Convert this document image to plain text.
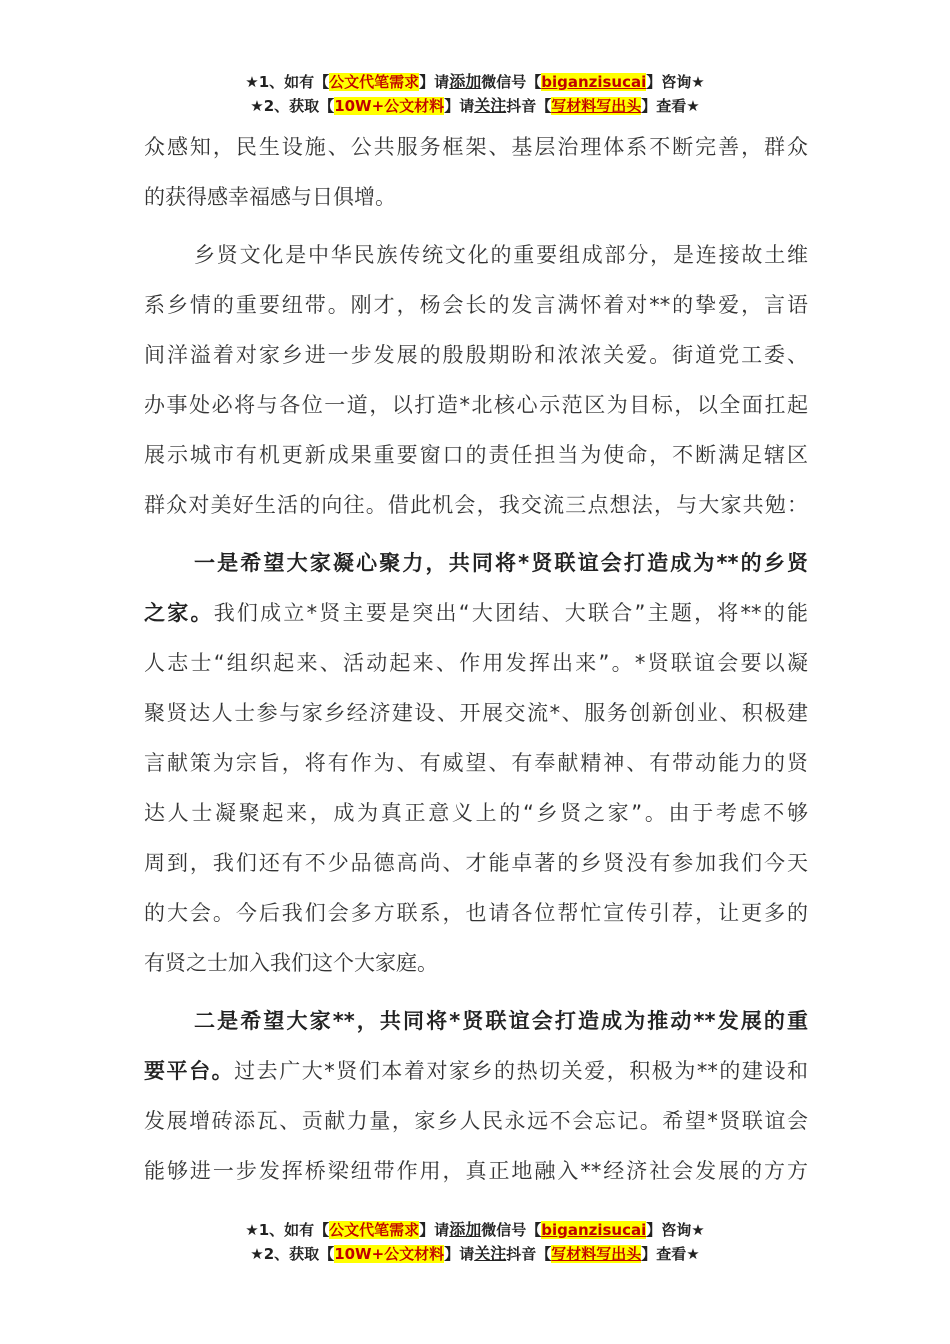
★1、如有【公文代笔需求】请添加微信号【biganzisucai】咨询★
★2、获取【10W+公文材料】请关注抖音【写材料写出头】查看★
众感知，民生设施、公共服务框架、基层治理体系不断完善，群众
的获得感幸福感与日俱增。
乡贤文化是中华民族传统文化的重要组成部分，是连接故土维
系乡情的重要纽带。刚才，杨会长的发言满怀着对**的挚爱，言语
间洋溢着对家乡进一步发展的殷殷期盼和浓浓关爱。街道党工委、
办事处必将与各位一道，以打造*北核心示范区为目标，以全面扛起
展示城市有机更新成果重要窗口的责任担当为使命，不断满足辖区
群众对美好生活的向往。借此机会，我交流三点想法，与大家共勉：
一是希望大家凝心聚力，共同将*贤联谊会打造成为**的乡贤
之家。我们成立*贤主要是突出“大团结、大联合”主题，将**的能
人志士“组织起来、活动起来、作用发挥出来”。*贤联谊会要以凝
聚贤达人士参与家乡经济建设、开展交流*、服务创新创业、积极建
言献策为宗旨，将有作为、有威望、有奉献精神、有带动能力的贤
达人士凝聚起来，成为真正意义上的“乡贤之家”。由于考虑不够
周到，我们还有不少品德高尚、才能卓著的乡贤没有参加我们今天
的大会。今后我们会多方联系，也请各位帮忙宣传引荐，让更多的
有贤之士加入我们这个大家庭。
二是希望大家**，共同将*贤联谊会打造成为推动**发展的重
要平台。过去广大*贤们本着对家乡的热切关爱，积极为**的建设和
发展增砖添瓦、贡献力量，家乡人民永远不会忘记。希望*贤联谊会
能够进一步发挥桥梁纽带作用，真正地融入**经济社会发展的方方
★1、如有【公文代笔需求】请添加微信号【biganzisucai】咨询★
★2、获取【10W+公文材料】请关注抖音【写材料写出头】查看★
